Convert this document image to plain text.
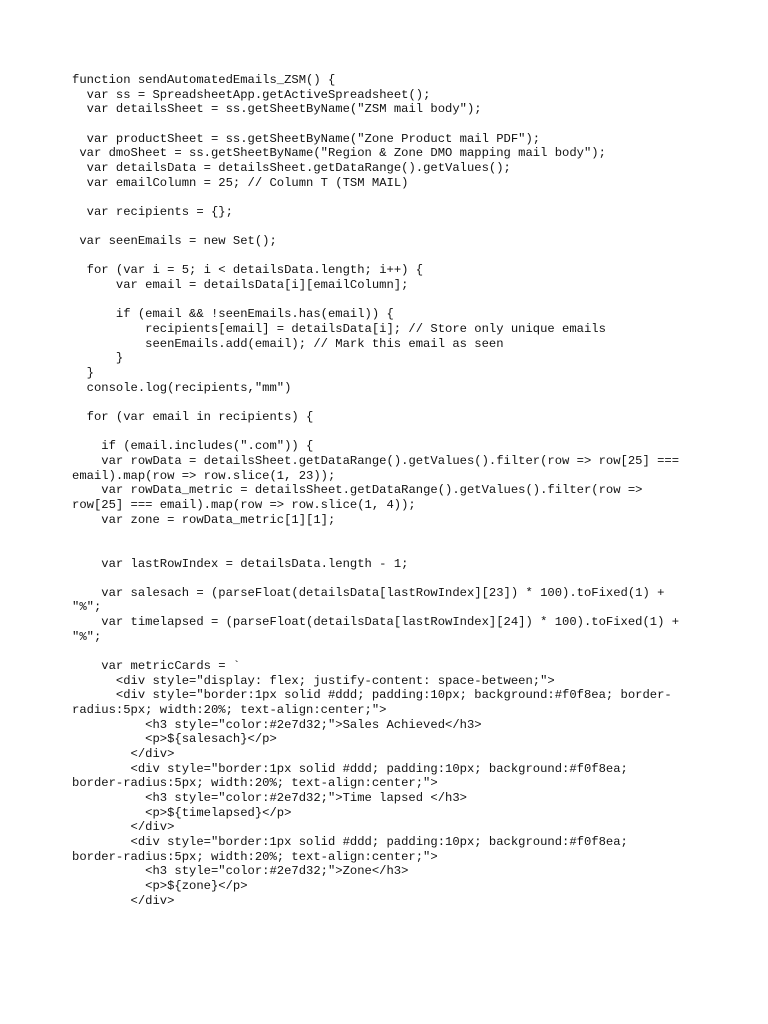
function sendAutomatedEmails_ZSM() {
var ss = SpreadsheetApp.getActiveSpreadsheet();
var detailsSheet = ss.getSheetByName("ZSM mail body");
var productSheet = ss.getSheetByName("Zone Product mail PDF");
var dmoSheet = ss.getSheetByName("Region & Zone DMO mapping mail body");
var detailsData = detailsSheet.getDataRange().getValues();
var emailColumn = 25; // Column T (TSM MAIL)
var recipients = {};
var seenEmails = new Set();
for (var i = 5; i < detailsData.length; i++) {
var email = detailsData[i][emailColumn];
if (email && !seenEmails.has(email)) {
recipients[email] = detailsData[i]; // Store only unique emails
seenEmails.add(email); // Mark this email as seen
}
}
console.log(recipients,"mm")
for (var email in recipients) {
if (email.includes(".com")) {
var rowData = detailsSheet.getDataRange().getValues().filter(row => row[25] ===
email).map(row => row.slice(1, 23));
var rowData_metric = detailsSheet.getDataRange().getValues().filter(row =>
row[25] === email).map(row => row.slice(1, 4));
var zone = rowData_metric[1][1];
var lastRowIndex = detailsData.length - 1;
var salesach = (parseFloat(detailsData[lastRowIndex][23]) * 100).toFixed(1) +
"%";
var timelapsed = (parseFloat(detailsData[lastRowIndex][24]) * 100).toFixed(1) +
"%";
var metricCards = `
<div style="display: flex; justify-content: space-between;">
<div style="border:1px solid #ddd; padding:10px; background:#f0f8ea; border-
radius:5px; width:20%; text-align:center;">
<h3 style="color:#2e7d32;">Sales Achieved</h3>
<p>${salesach}</p>
</div>
<div style="border:1px solid #ddd; padding:10px; background:#f0f8ea;
border-radius:5px; width:20%; text-align:center;">
<h3 style="color:#2e7d32;">Time lapsed </h3>
<p>${timelapsed}</p>
</div>
<div style="border:1px solid #ddd; padding:10px; background:#f0f8ea;
border-radius:5px; width:20%; text-align:center;">
<h3 style="color:#2e7d32;">Zone</h3>
<p>${zone}</p>
</div>
